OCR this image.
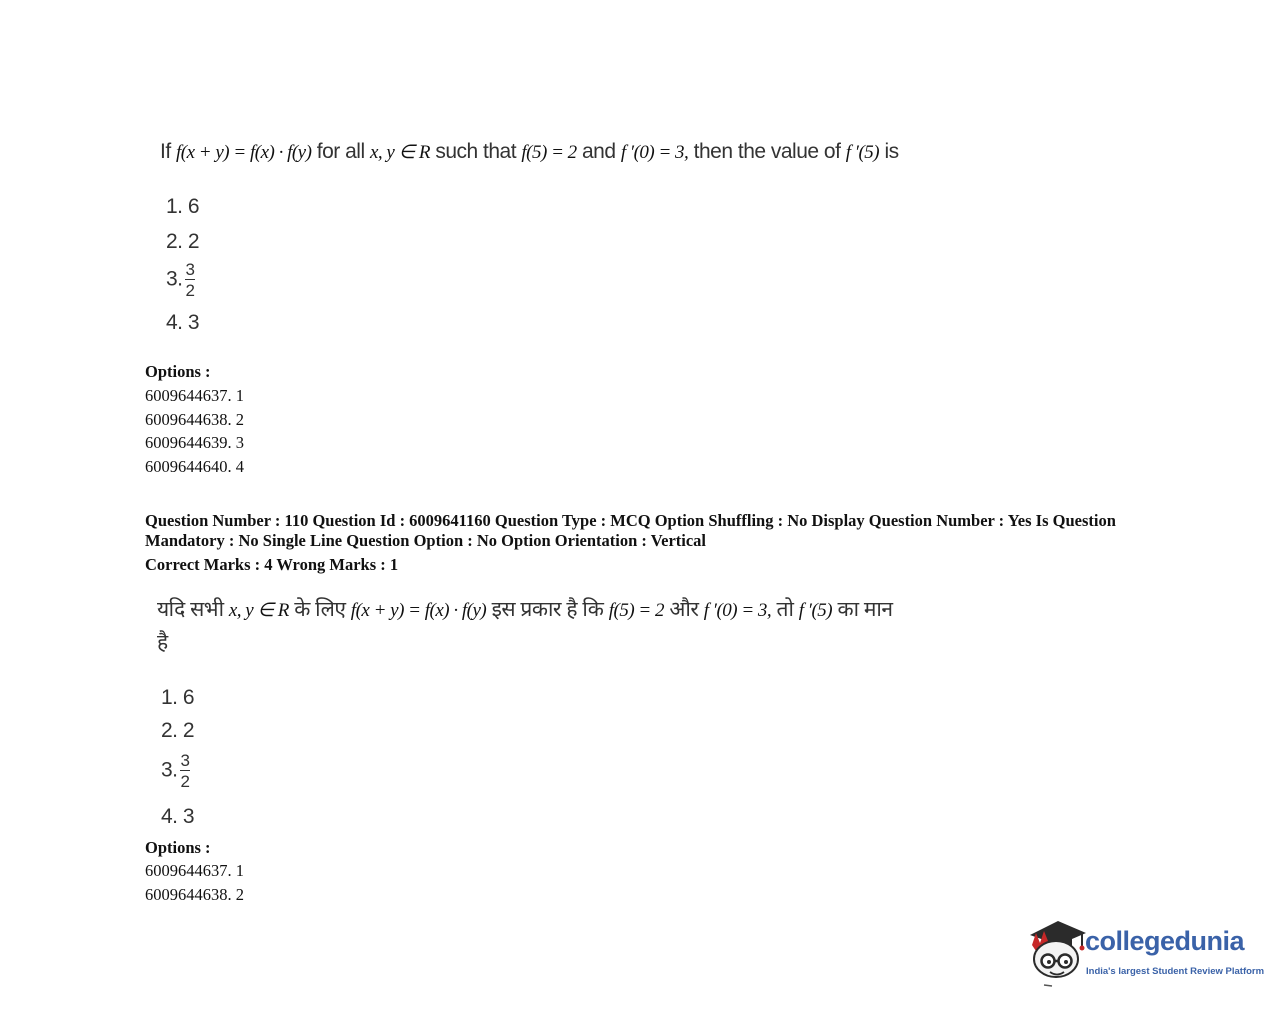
If f(x + y) = f(x) · f(y) for all x, y ∈ R such that f(5) = 2 and f ′(0) = 3, then the value of f ′(5) is
1. 6
2. 2
3. $\frac{3}{2}$
4. 3
Options :
6009644637. 1
6009644638. 2
6009644639. 3
6009644640. 4
Question Number : 110 Question Id : 6009641160 Question Type : MCQ Option Shuffling : No Display Question Number : Yes Is Question Mandatory : No Single Line Question Option : No Option Orientation : Vertical
Correct Marks : 4 Wrong Marks : 1
यदि सभी x, y ∈ R के लिए f(x + y) = f(x) · f(y) इस प्रकार है कि f(5) = 2 और f ′(0) = 3, तो f ′(5) का मान
है
1. 6
2. 2
3. $\frac{3}{2}$
4. 3
Options :
6009644637. 1
6009644638. 2
collegedunia
India's largest Student Review Platform
